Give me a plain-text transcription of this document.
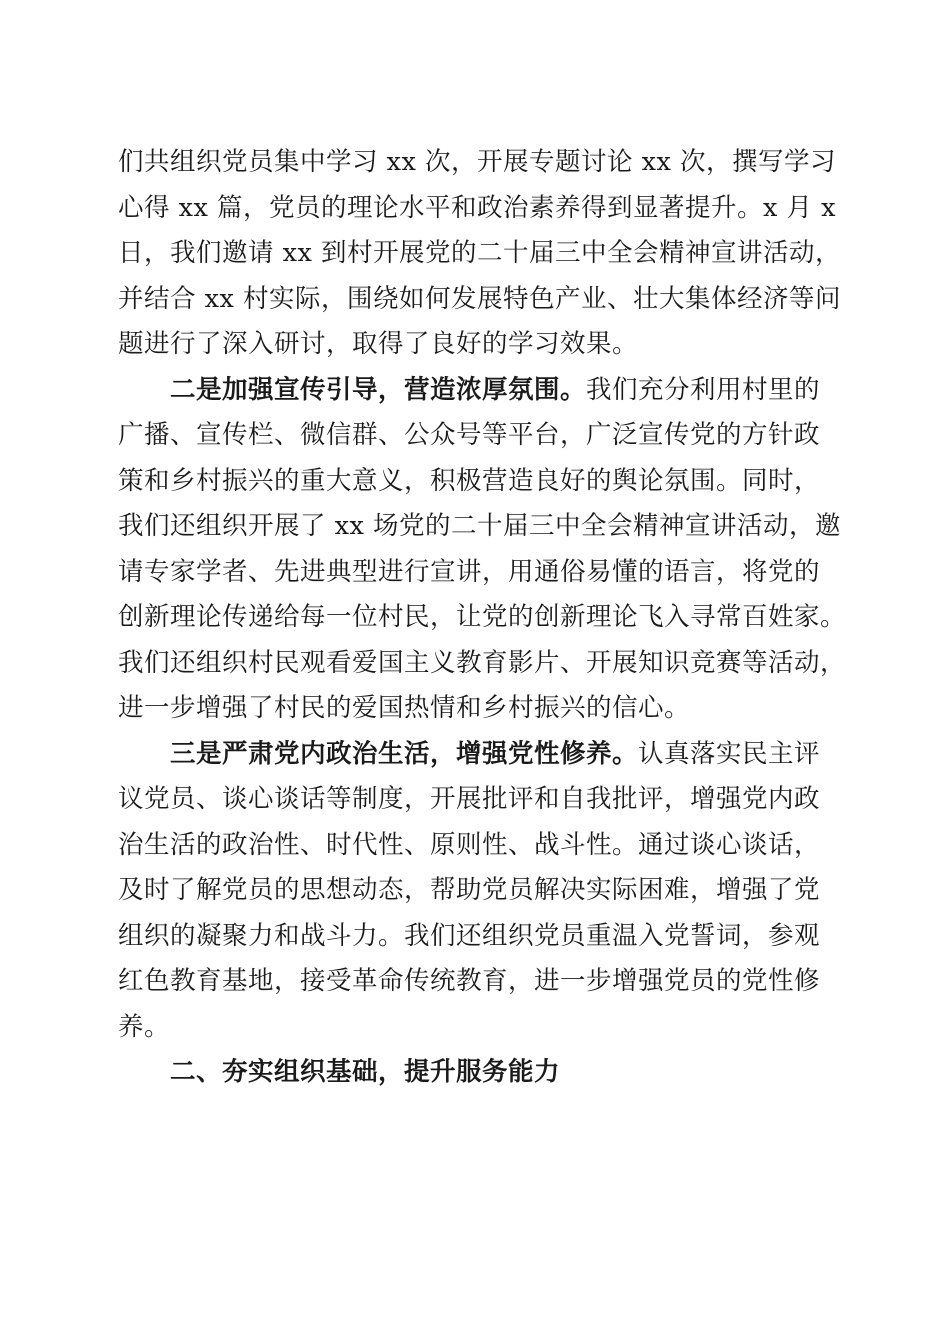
们共组织党员集中学习 xx 次，开展专题讨论 xx 次，撰写学习
心得 xx 篇，党员的理论水平和政治素养得到显著提升。x 月 x
日，我们邀请 xx 到村开展党的二十届三中全会精神宣讲活动，
并结合 xx 村实际，围绕如何发展特色产业、壮大集体经济等问
题进行了深入研讨，取得了良好的学习效果。

二是加强宣传引导，营造浓厚氛围。我们充分利用村里的
广播、宣传栏、微信群、公众号等平台，广泛宣传党的方针政
策和乡村振兴的重大意义，积极营造良好的舆论氛围。同时，
我们还组织开展了 xx 场党的二十届三中全会精神宣讲活动，邀
请专家学者、先进典型进行宣讲，用通俗易懂的语言，将党的
创新理论传递给每一位村民，让党的创新理论飞入寻常百姓家。
我们还组织村民观看爱国主义教育影片、开展知识竞赛等活动，
进一步增强了村民的爱国热情和乡村振兴的信心。

三是严肃党内政治生活，增强党性修养。认真落实民主评
议党员、谈心谈话等制度，开展批评和自我批评，增强党内政
治生活的政治性、时代性、原则性、战斗性。通过谈心谈话，
及时了解党员的思想动态，帮助党员解决实际困难，增强了党
组织的凝聚力和战斗力。我们还组织党员重温入党誓词，参观
红色教育基地，接受革命传统教育，进一步增强党员的党性修
养。

二、夯实组织基础，提升服务能力
